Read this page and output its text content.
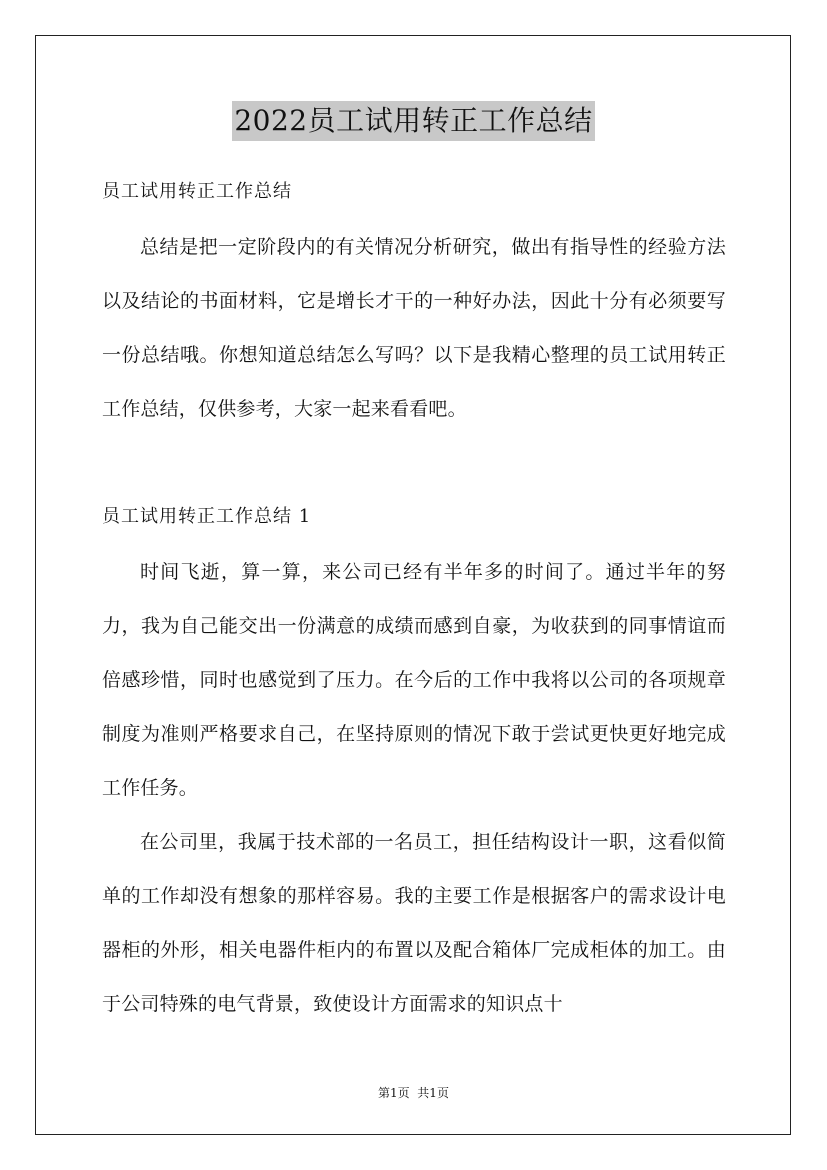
2022员工试用转正工作总结
员工试用转正工作总结

总结是把一定阶段内的有关情况分析研究，做出有指导性的经验方法以及结论的书面材料，它是增长才干的一种好办法，因此十分有必须要写一份总结哦。你想知道总结怎么写吗？以下是我精心整理的员工试用转正工作总结，仅供参考，大家一起来看看吧。

员工试用转正工作总结 1

时间飞逝，算一算，来公司已经有半年多的时间了。通过半年的努力，我为自己能交出一份满意的成绩而感到自豪，为收获到的同事情谊而倍感珍惜，同时也感觉到了压力。在今后的工作中我将以公司的各项规章制度为准则严格要求自己，在坚持原则的情况下敢于尝试更快更好地完成工作任务。

在公司里，我属于技术部的一名员工，担任结构设计一职，这看似简单的工作却没有想象的那样容易。我的主要工作是根据客户的需求设计电器柜的外形，相关电器件柜内的布置以及配合箱体厂完成柜体的加工。由于公司特殊的电气背景，致使设计方面需求的知识点十

第1页  共1页
